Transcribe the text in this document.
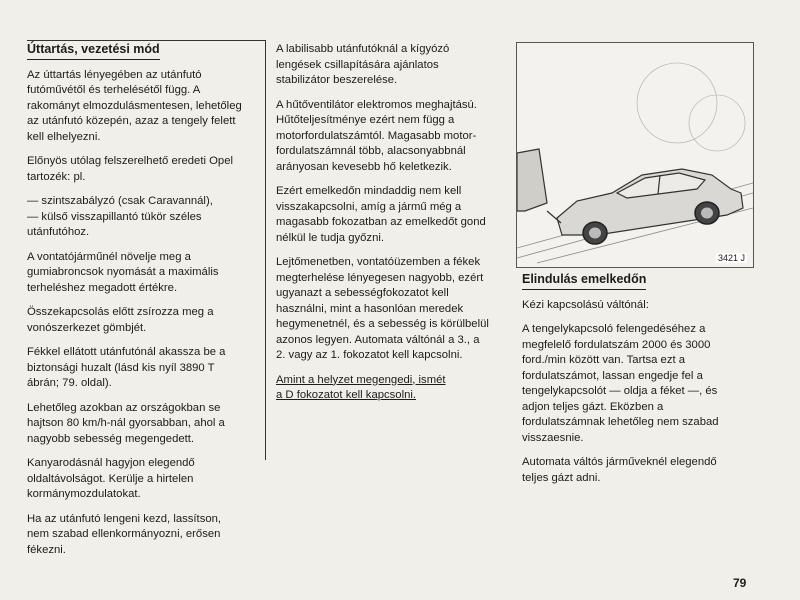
Úttartás, vezetési mód
Az úttartás lényegében az utánfutó
futóművétől és terhelésétől függ. A
rakományt elmozdulásmentesen, lehetőleg
az utánfutó közepén, azaz a tengely felett
kell elhelyezni.
Előnyös utólag felszerelhető eredeti Opel
tartozék: pl.
— szintszabályzó (csak Caravannál),
— külső visszapillantó tükör széles
utánfutóhoz.
A vontatójárműnél növelje meg a
gumiabroncsok nyomását a maximális
terheléshez megadott értékre.
Összekapcsolás előtt zsírozza meg a
vonószerkezet gömbjét.
Fékkel ellátott utánfutónál akassza be a
biztonsági huzalt (lásd kis nyíl 3890 T
ábrán; 79. oldal).
Lehetőleg azokban az országokban se
hajtson 80 km/h-nál gyorsabban, ahol a
nagyobb sebesség megengedett.
Kanyarodásnál hagyjon elegendő
oldaltávolságot. Kerülje a hirtelen
kormánymozdulatokat.
Ha az utánfutó lengeni kezd, lassítson,
nem szabad ellenkormányozni, erősen
fékezni.
A labilisabb utánfutóknál a kígyózó
lengések csillapítására ajánlatos
stabilizátor beszerelése.
A hűtőventilátor elektromos meghajtású.
Hűtőteljesítménye ezért nem függ a
motorfordulatszámtól. Magasabb motor-
fordulatszámnál több, alacsonyabbnál
arányosan kevesebb hő keletkezik.
Ezért emelkedőn mindaddig nem kell
visszakapcsolni, amíg a jármű még a
magasabb fokozatban az emelkedőt gond
nélkül le tudja győzni.
Lejtőmenetben, vontatóüzemben a fékek
megterhelése lényegesen nagyobb, ezért
ugyanazt a sebességfokozatot kell
használni, mint a hasonlóan meredek
hegymenetnél, és a sebesség is körülbelül
azonos legyen. Automata váltónál a 3., a
2. vagy az 1. fokozatot kell kapcsolni.
Amint a helyzet megengedi, ismét
a D fokozatot kell kapcsolni.
3421 J
Elindulás emelkedőn
Kézi kapcsolású váltónál:
A tengelykapcsoló felengedéséhez a
megfelelő fordulatszám 2000 és 3000
ford./min között van. Tartsa ezt a
fordulatszámot, lassan engedje fel a
tengelykapcsolót — oldja a féket —, és
adjon teljes gázt. Eközben a
fordulatszámnak lehetőleg nem szabad
visszaesnie.
Automata váltós járműveknél elegendő
teljes gázt adni.
79
